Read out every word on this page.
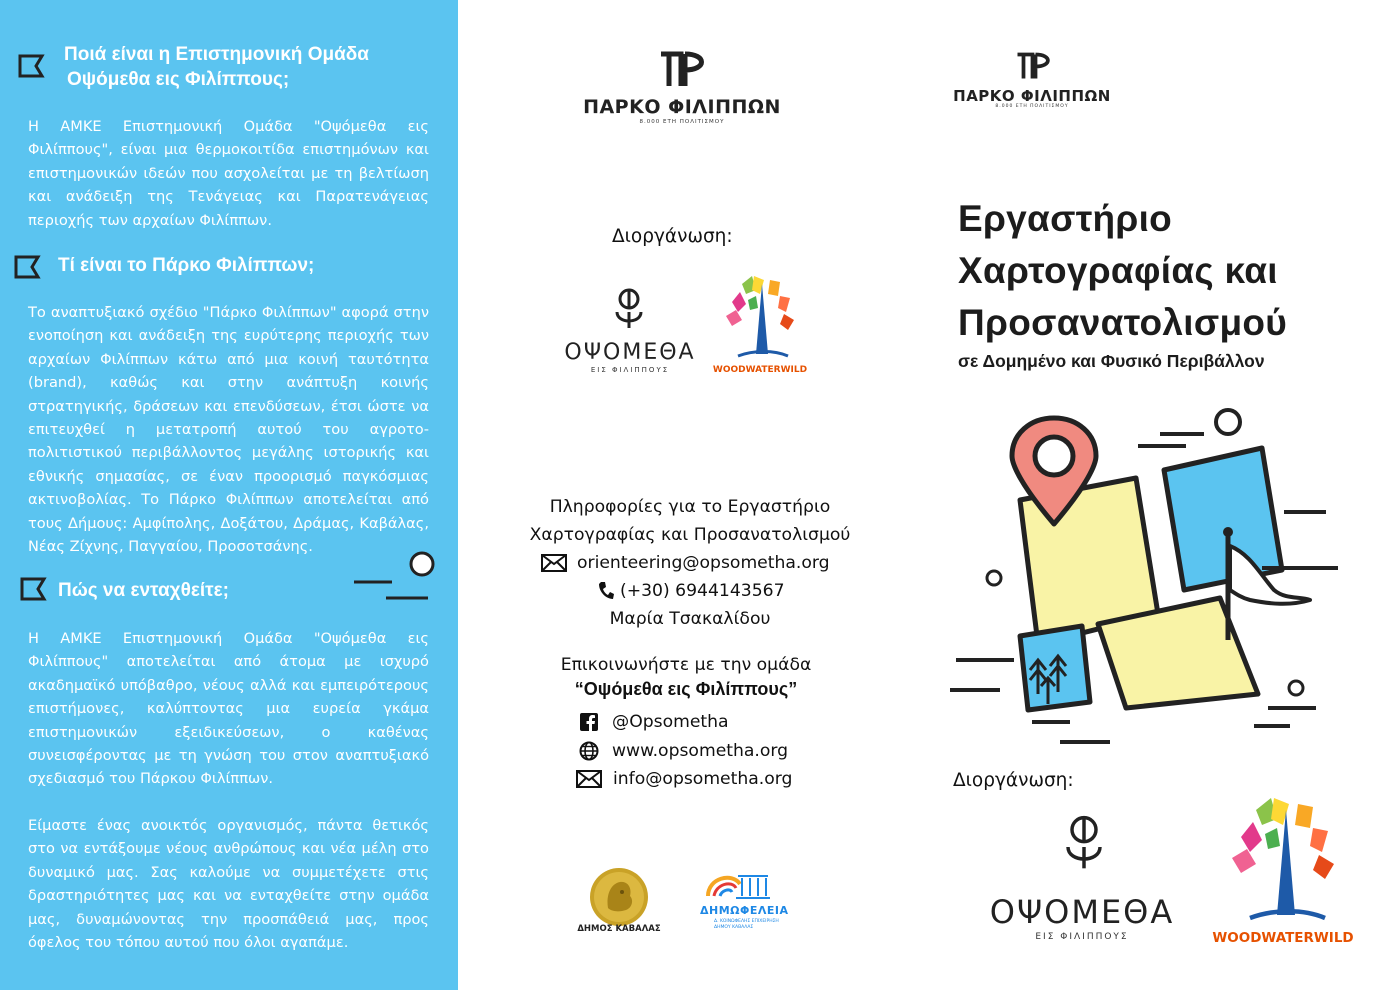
Ποιά είναι η Επιστημονική Ομάδα
Οψόμεθα εις Φιλίππους;

Η ΑΜΚΕ Επιστημονική Ομάδα "Οψόμεθα εις Φιλίππους", είναι μια θερμοκοιτίδα επιστημόνων και επιστημονικών ιδεών που ασχολείται με τη βελτίωση και ανάδειξη της Τενάγειας και Παρατενάγειας περιοχής των αρχαίων Φιλίππων.

Τί είναι το Πάρκο Φιλίππων;

Το αναπτυξιακό σχέδιο "Πάρκο Φιλίππων" αφορά στην ενοποίηση και ανάδειξη της ευρύτερης περιοχής των αρχαίων Φιλίππων κάτω από μια κοινή ταυτότητα (brand), καθώς και στην ανάπτυξη κοινής στρατηγικής, δράσεων και επενδύσεων, έτσι ώστε να επιτευχθεί η μετατροπή αυτού του αγροτο-πολιτιστικού περιβάλλοντος μεγάλης ιστορικής και εθνικής σημασίας, σε έναν προορισμό παγκόσμιας ακτινοβολίας. Το Πάρκο Φιλίππων αποτελείται από τους Δήμους: Αμφίπολης, Δοξάτου, Δράμας, Καβάλας, Νέας Ζίχνης, Παγγαίου, Προσοτσάνης.

Πώς να ενταχθείτε;

Η ΑΜΚΕ Επιστημονική Ομάδα "Οψόμεθα εις Φιλίππους" αποτελείται από άτομα με ισχυρό ακαδημαϊκό υπόβαθρο, νέους αλλά και εμπειρότερους επιστήμονες, καλύπτοντας μια ευρεία γκάμα επιστημονικών εξειδικεύσεων, ο καθένας συνεισφέροντας με τη γνώση του στον αναπτυξιακό σχεδιασμό του Πάρκου Φιλίππων.

Είμαστε ένας ανοικτός οργανισμός, πάντα θετικός στο να εντάξουμε νέους ανθρώπους και νέα μέλη στο δυναμικό μας. Σας καλούμε να συμμετέχετε στις δραστηριότητες μας και να ενταχθείτε στην ομάδα μας, δυναμώνοντας την προσπάθειά μας, προς όφελος του τόπου αυτού που όλοι αγαπάμε.

ΠΑΡΚΟ ΦΙΛΙΠΠΩΝ
8.000 ΕΤΗ ΠΟΛΙΤΙΣΜΟΥ
Διοργάνωση:
ΟΨΟΜΕΘΑ
ΕΙΣ ΦΙΛΙΠΠΟΥΣ	WOODWATERWILD
Πληροφορίες για το Εργαστήριο
Χαρτογραφίας και Προσανατολισμού
orienteering@opsometha.org
(+30) 6944143567
Μαρία Τσακαλίδου
Επικοινωνήστε με την ομάδα
“Οψόμεθα εις Φιλίππους”
@Opsometha
www.opsometha.org
info@opsometha.org
ΔΗΜΟΣ ΚΑΒΑΛΑΣ
ΔΗΜΩΦΕΛΕΙΑ
Δ. ΚΟΙΝΩΦΕΛΗΣ ΕΠΙΧΕΙΡΗΣΗ
ΔΗΜΟΥ ΚΑΒΑΛΑΣ
ΠΑΡΚΟ ΦΙΛΙΠΠΩΝ
8.000 ΕΤΗ ΠΟΛΙΤΙΣΜΟΥ
Εργαστήριο
Χαρτογραφίας και
Προσανατολισμού
σε Δομημένο και Φυσικό Περιβάλλον
Διοργάνωση:
ΟΨΟΜΕΘΑ
ΕΙΣ ΦΙΛΙΠΠΟΥΣ	WOODWATERWILD
